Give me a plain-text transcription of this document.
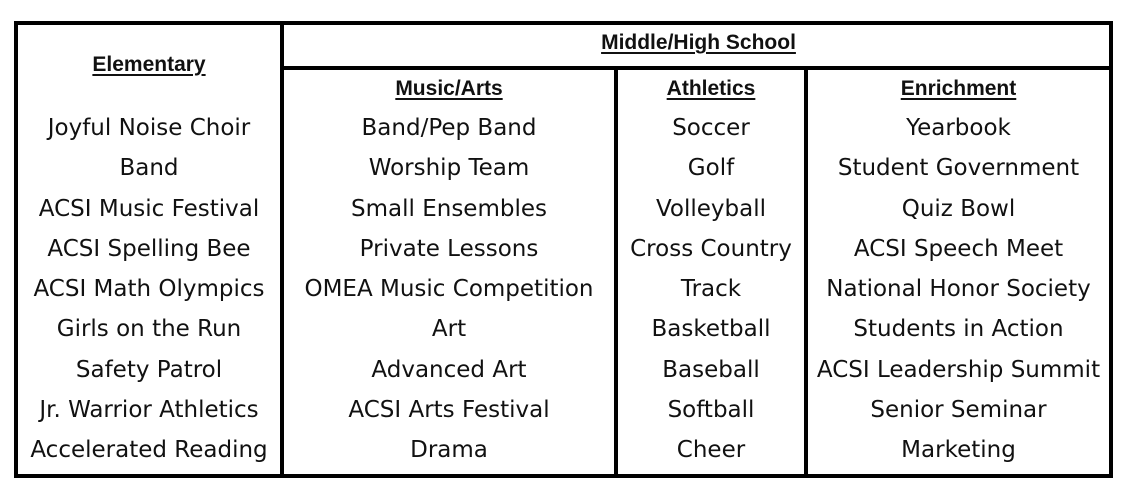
Middle/High School
Elementary
Joyful Noise Choir
Band
ACSI Music Festival
ACSI Spelling Bee
ACSI Math Olympics
Girls on the Run
Safety Patrol
Jr. Warrior Athletics
Accelerated Reading
Music/Arts
Band/Pep Band
Worship Team
Small Ensembles
Private Lessons
OMEA Music Competition
Art
Advanced Art
ACSI Arts Festival
Drama
Athletics
Soccer
Golf
Volleyball
Cross Country
Track
Basketball
Baseball
Softball
Cheer
Enrichment
Yearbook
Student Government
Quiz Bowl
ACSI Speech Meet
National Honor Society
Students in Action
ACSI Leadership Summit
Senior Seminar
Marketing
